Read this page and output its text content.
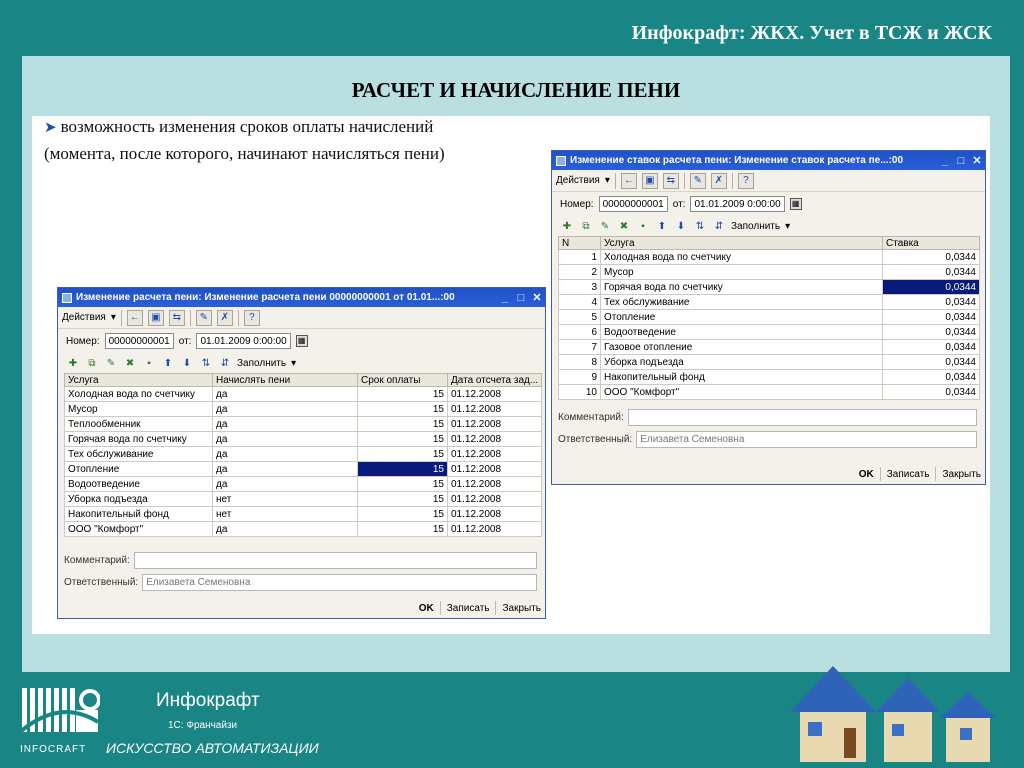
Инфокрафт: ЖКХ. Учет в ТСЖ и ЖСК
РАСЧЕТ И НАЧИСЛЕНИЕ ПЕНИ
➤ возможность изменения сроков оплаты начислений (момента, после которого, начинают начисляться пени)
Изменение расчета пени: Изменение расчета пени 00000000001 от 01.01...:00	_ □ ✕
Действия ▾	←	▣	⇆	✎	✗	?
Номер: 00000000001 от: 01.01.2009 0:00:00	▦
✚	⧉	✎ ✖	▪	⬆ ⬇ ⇅ ⇵ Заполнить ▾
Услуга	Начислять пени	Срок оплаты	Дата отсчета зад...
Холодная вода по счетчику	да	15	01.12.2008
Мусор	да	15	01.12.2008
Теплообменник	да	15	01.12.2008
Горячая вода по счетчику	да	15	01.12.2008
Тех обслуживание	да	15	01.12.2008
Отопление	да	15	01.12.2008
Водоотведение	да	15	01.12.2008
Уборка подъезда	нет	15	01.12.2008
Накопительный фонд	нет	15	01.12.2008
ООО "Комфорт"	да	15	01.12.2008
Комментарий:
Ответственный: Елизавета Семеновна
OK Записать Закрыть
Изменение ставок расчета пени: Изменение ставок расчета пе...:00	_ □ ✕
Действия ▾	←	▣	⇆	✎	✗	?
Номер: 00000000001 от: 01.01.2009 0:00:00	▦
✚	⧉	✎ ✖	▪	⬆ ⬇ ⇅ ⇵ Заполнить ▾
N	Услуга	Ставка
1	Холодная вода по счетчику	0,0344
2	Мусор	0,0344
3	Горячая вода по счетчику	0,0344
4	Тех обслуживание	0,0344
5	Отопление	0,0344
6	Водоотведение	0,0344
7	Газовое отопление	0,0344
8	Уборка подъезда	0,0344
9	Накопительный фонд	0,0344
10	ООО "Комфорт"	0,0344
Комментарий:
Ответственный: Елизавета Семеновна
OK Записать Закрыть
INFOCRAFT
Инфокрафт
1С: Франчайзи
ИСКУССТВО АВТОМАТИЗАЦИИ
